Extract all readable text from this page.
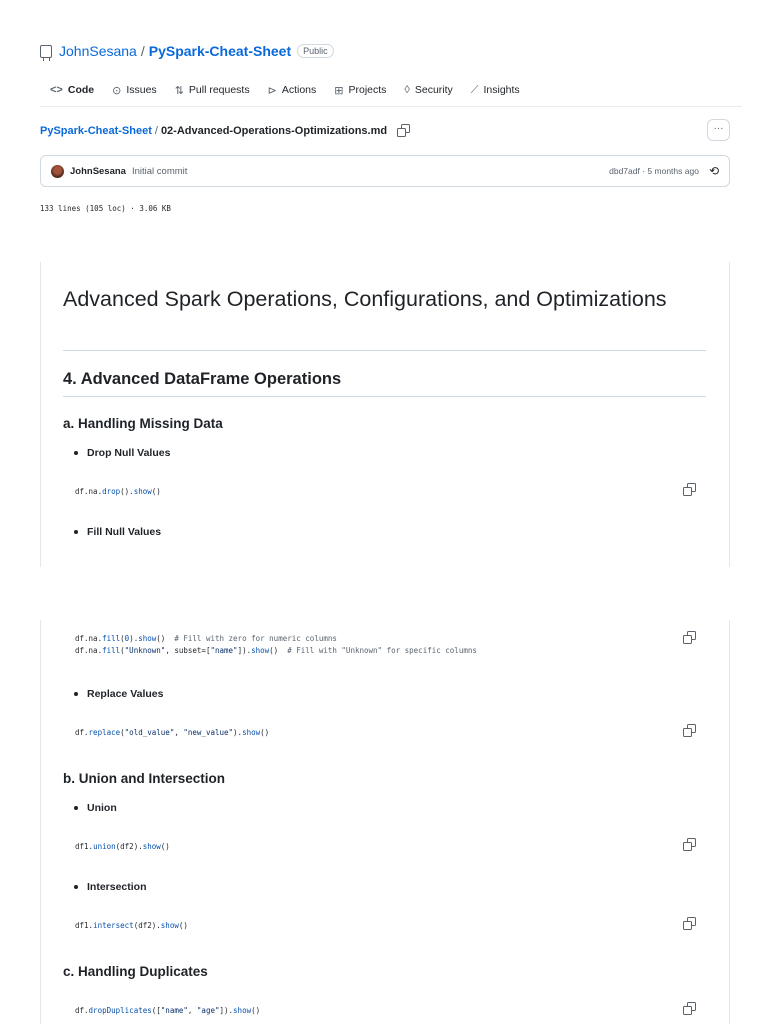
JohnSesana / PySpark-Cheat-Sheet	Public
<> Code ⊙ Issues ⇅ Pull requests ⊳ Actions ⊞ Projects ◊ Security ⟋ Insights
PySpark-Cheat-Sheet / 02-Advanced-Operations-Optimizations.md	···
JohnSesana Initial commit	dbd7adf · 5 months ago ⟲
133 lines (105 loc) · 3.06 KB
Advanced Spark Operations, Configurations, and Optimizations
4. Advanced DataFrame Operations
a. Handling Missing Data
Drop Null Values
df.na.drop().show()
Fill Null Values
df.na.fill(0).show()  # Fill with zero for numeric columns
df.na.fill("Unknown", subset=["name"]).show()  # Fill with "Unknown" for specific columns
Replace Values
df.replace("old_value", "new_value").show()
b. Union and Intersection
Union
df1.union(df2).show()
Intersection
df1.intersect(df2).show()
c. Handling Duplicates
df.dropDuplicates(["name", "age"]).show()
